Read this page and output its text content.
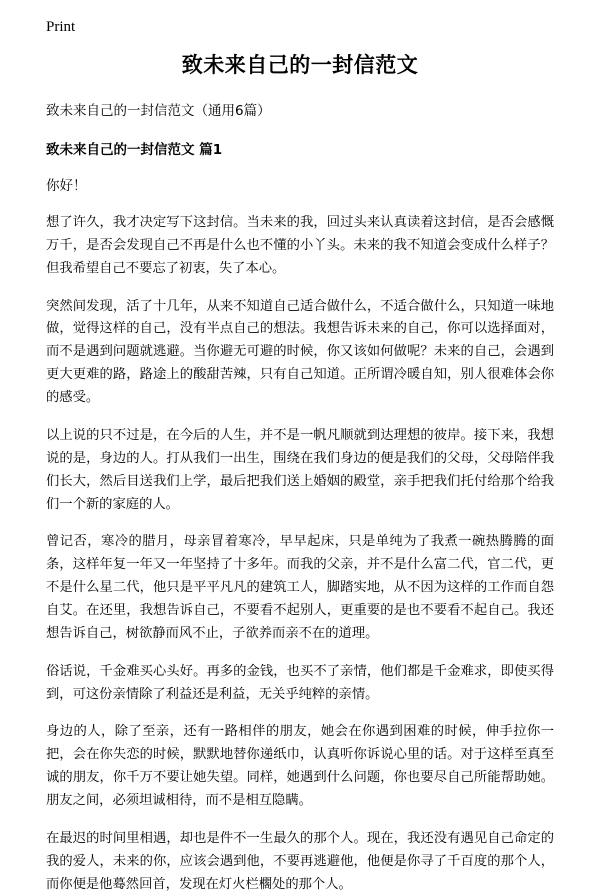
Print
致未来自己的一封信范文
致未来自己的一封信范文（通用6篇）
致未来自己的一封信范文 篇1
你好！

想了许久，我才决定写下这封信。当未来的我，回过头来认真读着这封信，是否会感慨万千，是否会发现自己不再是什么也不懂的小丫头。未来的我不知道会变成什么样子？但我希望自己不要忘了初衷，失了本心。

突然间发现，活了十几年，从来不知道自己适合做什么，不适合做什么，只知道一味地做，觉得这样的自己，没有半点自己的想法。我想告诉未来的自己，你可以选择面对，而不是遇到问题就逃避。当你避无可避的时候，你又该如何做呢？未来的自己，会遇到更大更难的路，路途上的酸甜苦辣，只有自己知道。正所谓冷暖自知，别人很难体会你的感受。

以上说的只不过是，在今后的人生，并不是一帆凡顺就到达理想的彼岸。接下来，我想说的是，身边的人。打从我们一出生，围绕在我们身边的便是我们的父母，父母陪伴我们长大，然后目送我们上学，最后把我们送上婚姻的殿堂，亲手把我们托付给那个给我们一个新的家庭的人。

曾记否，寒冷的腊月，母亲冒着寒冷，早早起床，只是单纯为了我煮一碗热腾腾的面条，这样年复一年又一年坚持了十多年。而我的父亲，并不是什么富二代，官二代，更不是什么星二代，他只是平平凡凡的建筑工人，脚踏实地，从不因为这样的工作而自怨自艾。在还里，我想告诉自己，不要看不起别人，更重要的是也不要看不起自己。我还想告诉自己，树欲静而风不止，子欲养而亲不在的道理。

俗话说，千金难买心头好。再多的金钱，也买不了亲情，他们都是千金难求，即使买得到，可这份亲情除了利益还是利益，无关乎纯粹的亲情。

身边的人，除了至亲，还有一路相伴的朋友，她会在你遇到困难的时候，伸手拉你一把，会在你失恋的时候，默默地替你递纸巾，认真听你诉说心里的话。对于这样至真至诚的朋友，你千万不要让她失望。同样，她遇到什么问题，你也要尽自己所能帮助她。朋友之间，必须坦诚相待，而不是相互隐瞒。

在最迟的时间里相遇，却也是件不一生最久的那个人。现在，我还没有遇见自己命定的我的爱人，未来的你，应该会遇到他，不要再逃避他，他便是你寻了千百度的那个人，而你便是他蓦然回首，发现在灯火栏櫊处的那个人。
